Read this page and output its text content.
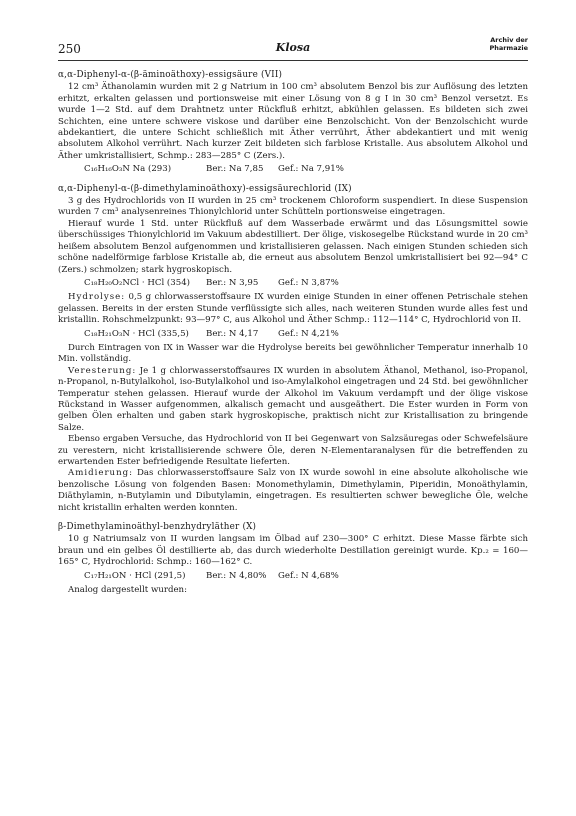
250	Klosa
Archiv der
Pharmazie

α,α-Diphenyl-α-(β-äminoäthoxy)-essigsäure (VII)

12 cm³ Äthanolamin wurden mit 2 g Natrium in 100 cm³ absolutem Benzol bis zur Auflösung des letzten erhitzt, erkalten gelassen und portionsweise mit einer Lösung von 8 g I in 30 cm³ Benzol versetzt. Es wurde 1—2 Std. auf dem Drahtnetz unter Rückfluß erhitzt, abkühlen gelassen. Es bildeten sich zwei Schichten, eine untere schwere viskose und darüber eine Benzolschicht. Von der Benzolschicht wurde abdekantiert, die untere Schicht schließlich mit Äther verrührt, Äther abdekantiert und mit wenig absolutem Alkohol verrührt. Nach kurzer Zeit bildeten sich farblose Kristalle. Aus absolutem Alkohol und Äther umkristallisiert, Schmp.: 283—285° C (Zers.).

C₁₆H₁₆O₃N Na (293)	Ber.: Na 7,85	Gef.: Na 7,91%

α,α-Diphenyl-α-(β-dimethylaminoäthoxy)-essigsäurechlorid (IX)

3 g des Hydrochlorids von II wurden in 25 cm³ trockenem Chloroform suspendiert. In diese Suspension wurden 7 cm³ analysenreines Thionylchlorid unter Schütteln portionsweise eingetragen.

Hierauf wurde 1 Std. unter Rückfluß auf dem Wasserbade erwärmt und das Lösungsmittel sowie überschüssiges Thionylchlorid im Vakuum abdestilliert. Der ölige, viskosegelbe Rückstand wurde in 20 cm³ heißem absolutem Benzol aufgenommen und kristallisieren gelassen. Nach einigen Stunden schieden sich schöne nadelförmige farblose Kristalle ab, die erneut aus absolutem Benzol umkristallisiert bei 92—94° C (Zers.) schmolzen; stark hygroskopisch.

C₁₈H₂₀O₂NCl · HCl (354)	Ber.: N 3,95	Gef.: N 3,87%

Hydrolyse: 0,5 g chlorwasserstoffsaure IX wurden einige Stunden in einer offenen Petrischale stehen gelassen. Bereits in der ersten Stunde verflüssigte sich alles, nach weiteren Stunden wurde alles fest und kristallin. Rohschmelzpunkt: 93—97° C, aus Alkohol und Äther Schmp.: 112—114° C, Hydrochlorid von II.

C₁₈H₂₁O₃N · HCl (335,5)	Ber.: N 4,17	Gef.: N 4,21%

Durch Eintragen von IX in Wasser war die Hydrolyse bereits bei gewöhnlicher Temperatur innerhalb 10 Min. vollständig.

Veresterung: Je 1 g chlorwasserstoffsaures IX wurden in absolutem Äthanol, Methanol, iso-Propanol, n-Propanol, n-Butylalkohol, iso-Butylalkohol und iso-Amylalkohol eingetragen und 24 Std. bei gewöhnlicher Temperatur stehen gelassen. Hierauf wurde der Alkohol im Vakuum verdampft und der ölige viskose Rückstand in Wasser aufgenommen, alkalisch gemacht und ausgeäthert. Die Ester wurden in Form von gelben Ölen erhalten und gaben stark hygroskopische, praktisch nicht zur Kristallisation zu bringende Salze.

Ebenso ergaben Versuche, das Hydrochlorid von II bei Gegenwart von Salzsäuregas oder Schwefelsäure zu verestern, nicht kristallisierende schwere Öle, deren N-Elementaranalysen für die betreffenden zu erwartenden Ester befriedigende Resultate lieferten.

Amidierung: Das chlorwasserstoffsaure Salz von IX wurde sowohl in eine absolute alkoholische wie benzolische Lösung von folgenden Basen: Monomethylamin, Dimethylamin, Piperidin, Monoäthylamin, Diäthylamin, n-Butylamin und Dibutylamin, eingetragen. Es resultierten schwer bewegliche Öle, welche nicht kristallin erhalten werden konnten.

β-Dimethylaminoäthyl-benzhydryläther (X)

10 g Natriumsalz von II wurden langsam im Ölbad auf 230—300° C erhitzt. Diese Masse färbte sich braun und ein gelbes Öl destillierte ab, das durch wiederholte Destillation gereinigt wurde. Kp.₂ = 160—165° C, Hydrochlorid: Schmp.: 160—162° C.

C₁₇H₂₁ON · HCl (291,5)	Ber.: N 4,80%	Gef.: N 4,68%

Analog dargestellt wurden:
